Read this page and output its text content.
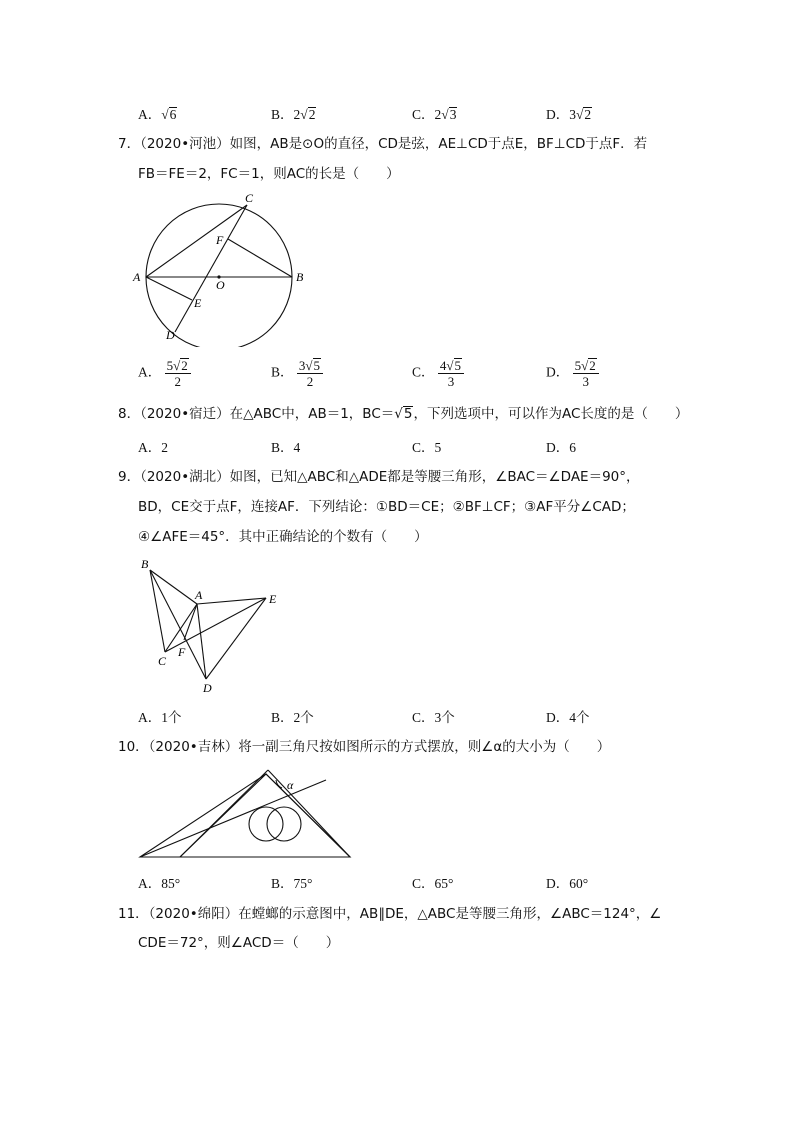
A．√6	B．2√2	C．2√3	D．3√2
7．（2020•河池）如图，AB是⊙O的直径，CD是弦，AE⊥CD于点E，BF⊥CD于点F．若
FB＝FE＝2，FC＝1，则AC的长是（　　）
A	B
C
D
E
F
O
A． $\frac{5√2}{2}$	B． $\frac{3√5}{2}$	C． $\frac{4√5}{3}$	D． $\frac{5√2}{3}$
8．（2020•宿迁）在△ABC中，AB＝1，BC＝√5，下列选项中，可以作为AC长度的是（　　）
A．2	B．4	C．5	D．6
9．（2020•湖北）如图，已知△ABC和△ADE都是等腰三角形，∠BAC＝∠DAE＝90°，
BD，CE交于点F，连接AF．下列结论：①BD＝CE；②BF⊥CF；③AF平分∠CAD；
④∠AFE＝45°．其中正确结论的个数有（　　）
B
A	E
C
F
D
A．1个	B．2个	C．3个	D．4个
10．（2020•吉林）将一副三角尺按如图所示的方式摆放，则∠α的大小为（　　）
α
A．85°	B．75°	C．65°	D．60°
11．（2020•绵阳）在螳螂的示意图中，AB∥DE，△ABC是等腰三角形，∠ABC＝124°，∠
CDE＝72°，则∠ACD＝（　　）
